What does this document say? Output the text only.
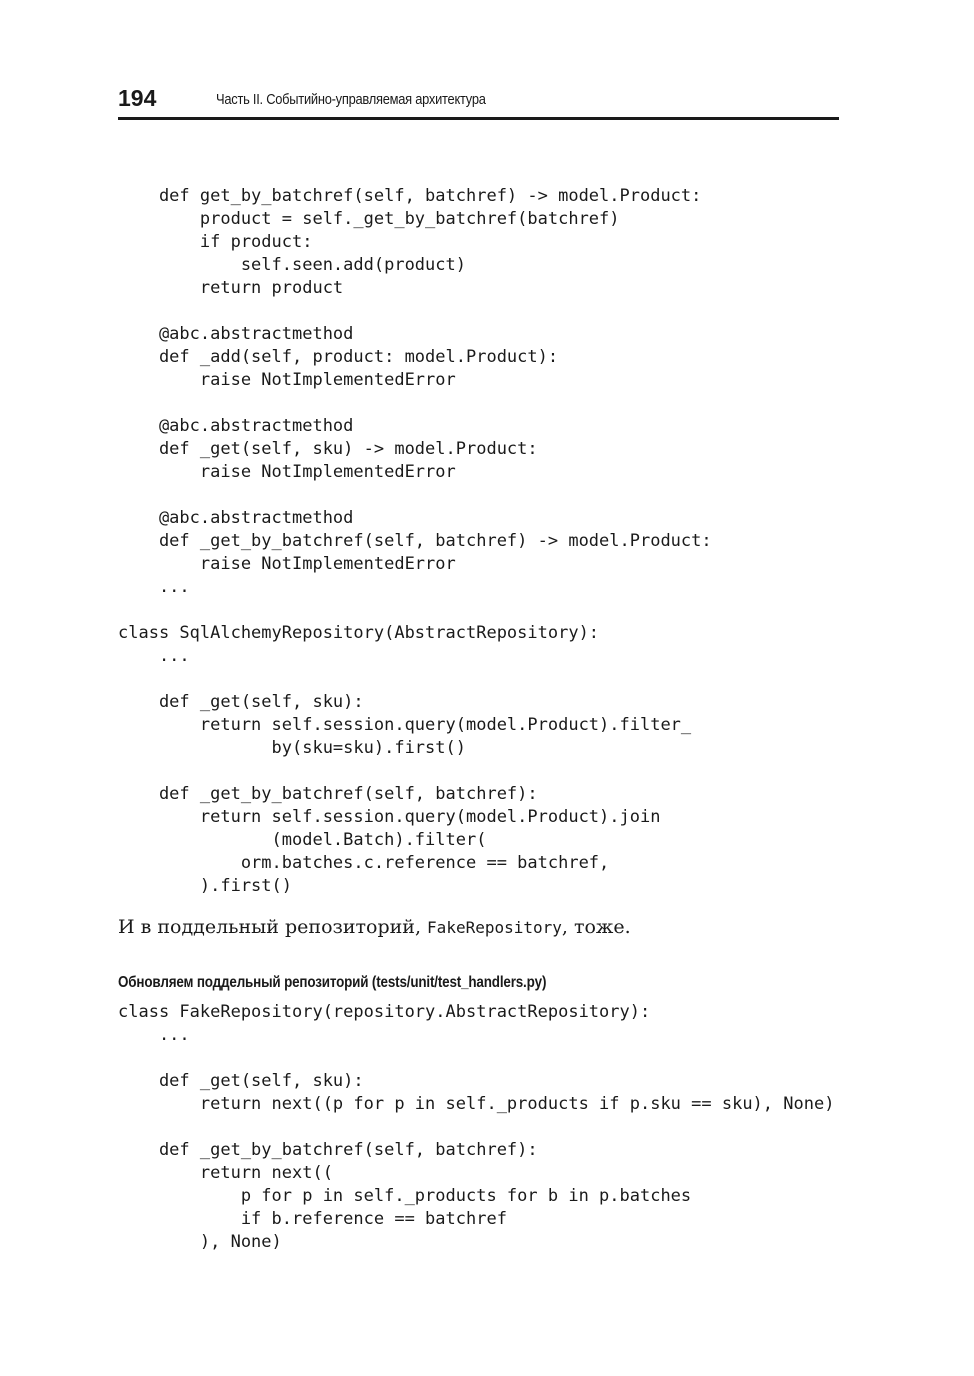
194	Часть II. Событийно-управляемая архитектура
def get_by_batchref(self, batchref) -> model.Product:
product = self._get_by_batchref(batchref)
if product:
self.seen.add(product)
return product

@abc.abstractmethod
def _add(self, product: model.Product):
raise NotImplementedError

@abc.abstractmethod
def _get(self, sku) -> model.Product:
raise NotImplementedError

@abc.abstractmethod
def _get_by_batchref(self, batchref) -> model.Product:
raise NotImplementedError
...

class SqlAlchemyRepository(AbstractRepository):
...

def _get(self, sku):
return self.session.query(model.Product).filter_
by(sku=sku).first()

def _get_by_batchref(self, batchref):
return self.session.query(model.Product).join
(model.Batch).filter(
orm.batches.c.reference == batchref,
).first()

И в поддельный репозиторий, FakeRepository, тоже.

Обновляем поддельный репозиторий (tests/unit/test_handlers.py)

class FakeRepository(repository.AbstractRepository):
...

def _get(self, sku):
return next((p for p in self._products if p.sku == sku), None)

def _get_by_batchref(self, batchref):
return next((
p for p in self._products for b in p.batches
if b.reference == batchref
), None)
